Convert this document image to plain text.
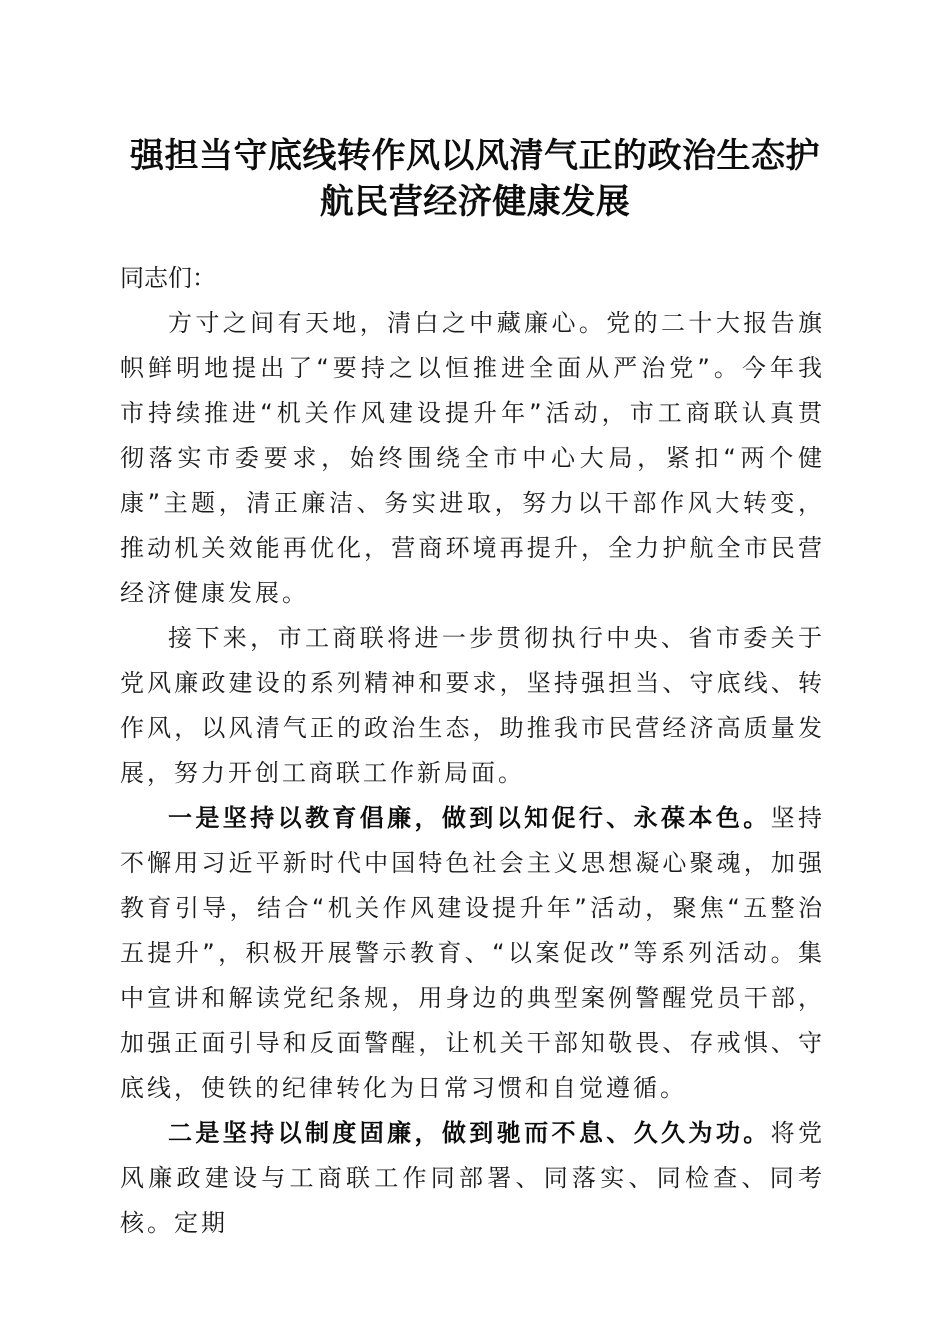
强担当守底线转作风以风清气正的政治生态护
航民营经济健康发展

同志们：

方寸之间有天地，清白之中藏廉心。党的二十大报告旗帜鲜明地提出了“要持之以恒推进全面从严治党”。今年我市持续推进“机关作风建设提升年”活动，市工商联认真贯彻落实市委要求，始终围绕全市中心大局，紧扣“两个健康”主题，清正廉洁、务实进取，努力以干部作风大转变，推动机关效能再优化，营商环境再提升，全力护航全市民营经济健康发展。

接下来，市工商联将进一步贯彻执行中央、省市委关于党风廉政建设的系列精神和要求，坚持强担当、守底线、转作风，以风清气正的政治生态，助推我市民营经济高质量发展，努力开创工商联工作新局面。

一是坚持以教育倡廉，做到以知促行、永葆本色。坚持不懈用习近平新时代中国特色社会主义思想凝心聚魂，加强教育引导，结合“机关作风建设提升年”活动，聚焦“五整治五提升”，积极开展警示教育、“以案促改”等系列活动。集中宣讲和解读党纪条规，用身边的典型案例警醒党员干部，加强正面引导和反面警醒，让机关干部知敬畏、存戒惧、守底线，使铁的纪律转化为日常习惯和自觉遵循。

二是坚持以制度固廉，做到驰而不息、久久为功。将党风廉政建设与工商联工作同部署、同落实、同检查、同考核。定期
